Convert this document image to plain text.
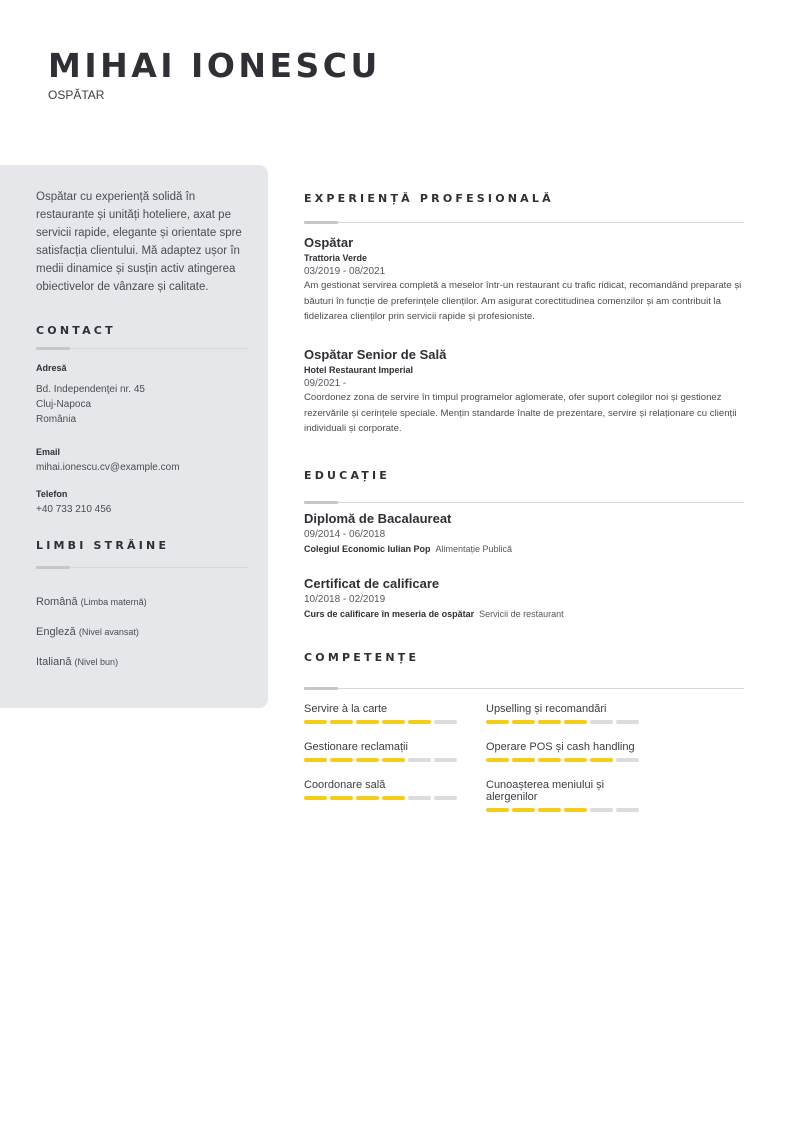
MIHAI IONESCU
OSPĂTAR
Ospătar cu experiență solidă în restaurante și unități hoteliere, axat pe servicii rapide, elegante și orientate spre satisfacția clientului. Mă adaptez ușor în medii dinamice și susțin activ atingerea obiectivelor de vânzare și calitate.
CONTACT
Adresă
Bd. Independenţei nr. 45
Cluj-Napoca
România
Email
mihai.ionescu.cv@example.com
Telefon
+40 733 210 456
LIMBI STRĂINE
Română (Limba maternă)
Engleză (Nivel avansat)
Italiană (Nivel bun)
EXPERIENȚĂ PROFESIONALĂ
Ospătar
Trattoria Verde
03/2019 - 08/2021
Am gestionat servirea completă a meselor într-un restaurant cu trafic ridicat, recomandând preparate și băuturi în funcție de preferințele clienților. Am asigurat corectitudinea comenzilor și am contribuit la fidelizarea clienților prin servicii rapide și profesioniste.
Ospătar Senior de Sală
Hotel Restaurant Imperial
09/2021 -
Coordonez zona de servire în timpul programelor aglomerate, ofer suport colegilor noi și gestionez rezervările și cerințele speciale. Mențin standarde înalte de prezentare, servire și relaționare cu clienții individuali și corporate.
EDUCAȚIE
Diplomă de Bacalaureat
09/2014 - 06/2018
Colegiul Economic Iulian Pop Alimentație Publică
Certificat de calificare
10/2018 - 02/2019
Curs de calificare în meseria de ospătar Servicii de restaurant
COMPETENȚE
Servire à la carte	Upselling și recomandări
Gestionare reclamații	Operare POS și cash handling
Coordonare sală	Cunoașterea meniului și alergenilor
